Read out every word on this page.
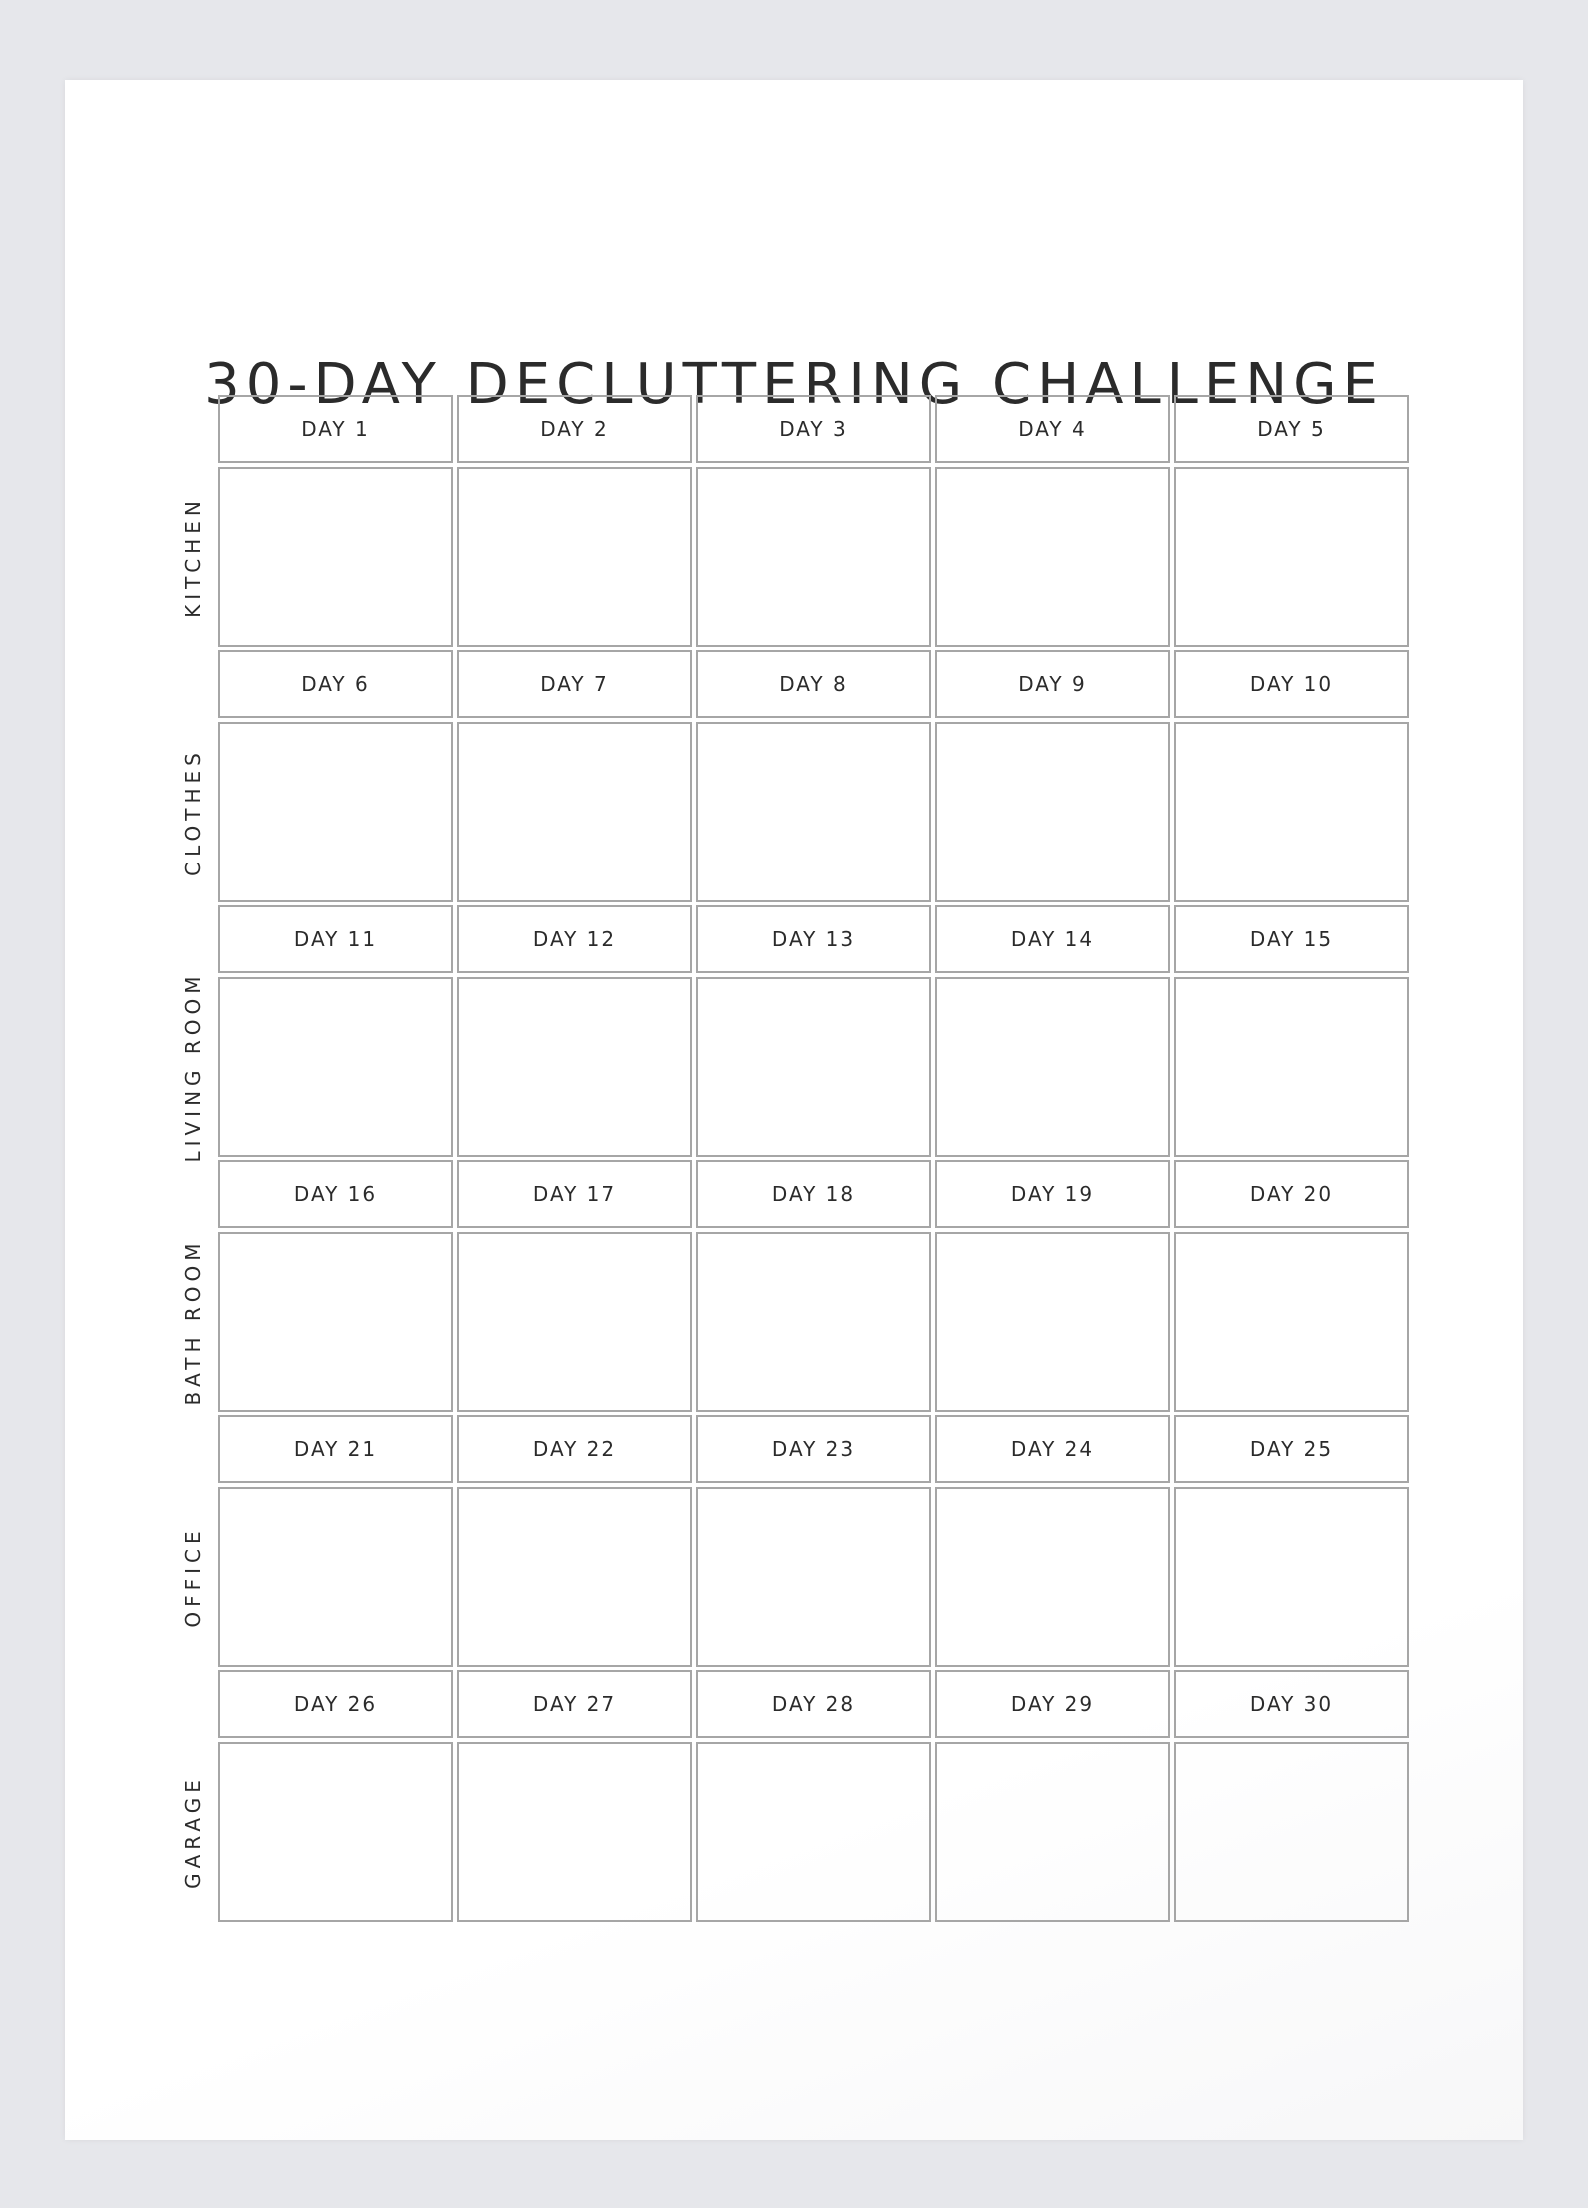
30-DAY DECLUTTERING CHALLENGE
KITCHEN
DAY 1	DAY 2	DAY 3	DAY 4	DAY 5
CLOTHES
DAY 6	DAY 7	DAY 8	DAY 9	DAY 10
LIVING ROOM
DAY 11	DAY 12	DAY 13	DAY 14	DAY 15
BATH ROOM
DAY 16	DAY 17	DAY 18	DAY 19	DAY 20
OFFICE
DAY 21	DAY 22	DAY 23	DAY 24	DAY 25
GARAGE
DAY 26	DAY 27	DAY 28	DAY 29	DAY 30
